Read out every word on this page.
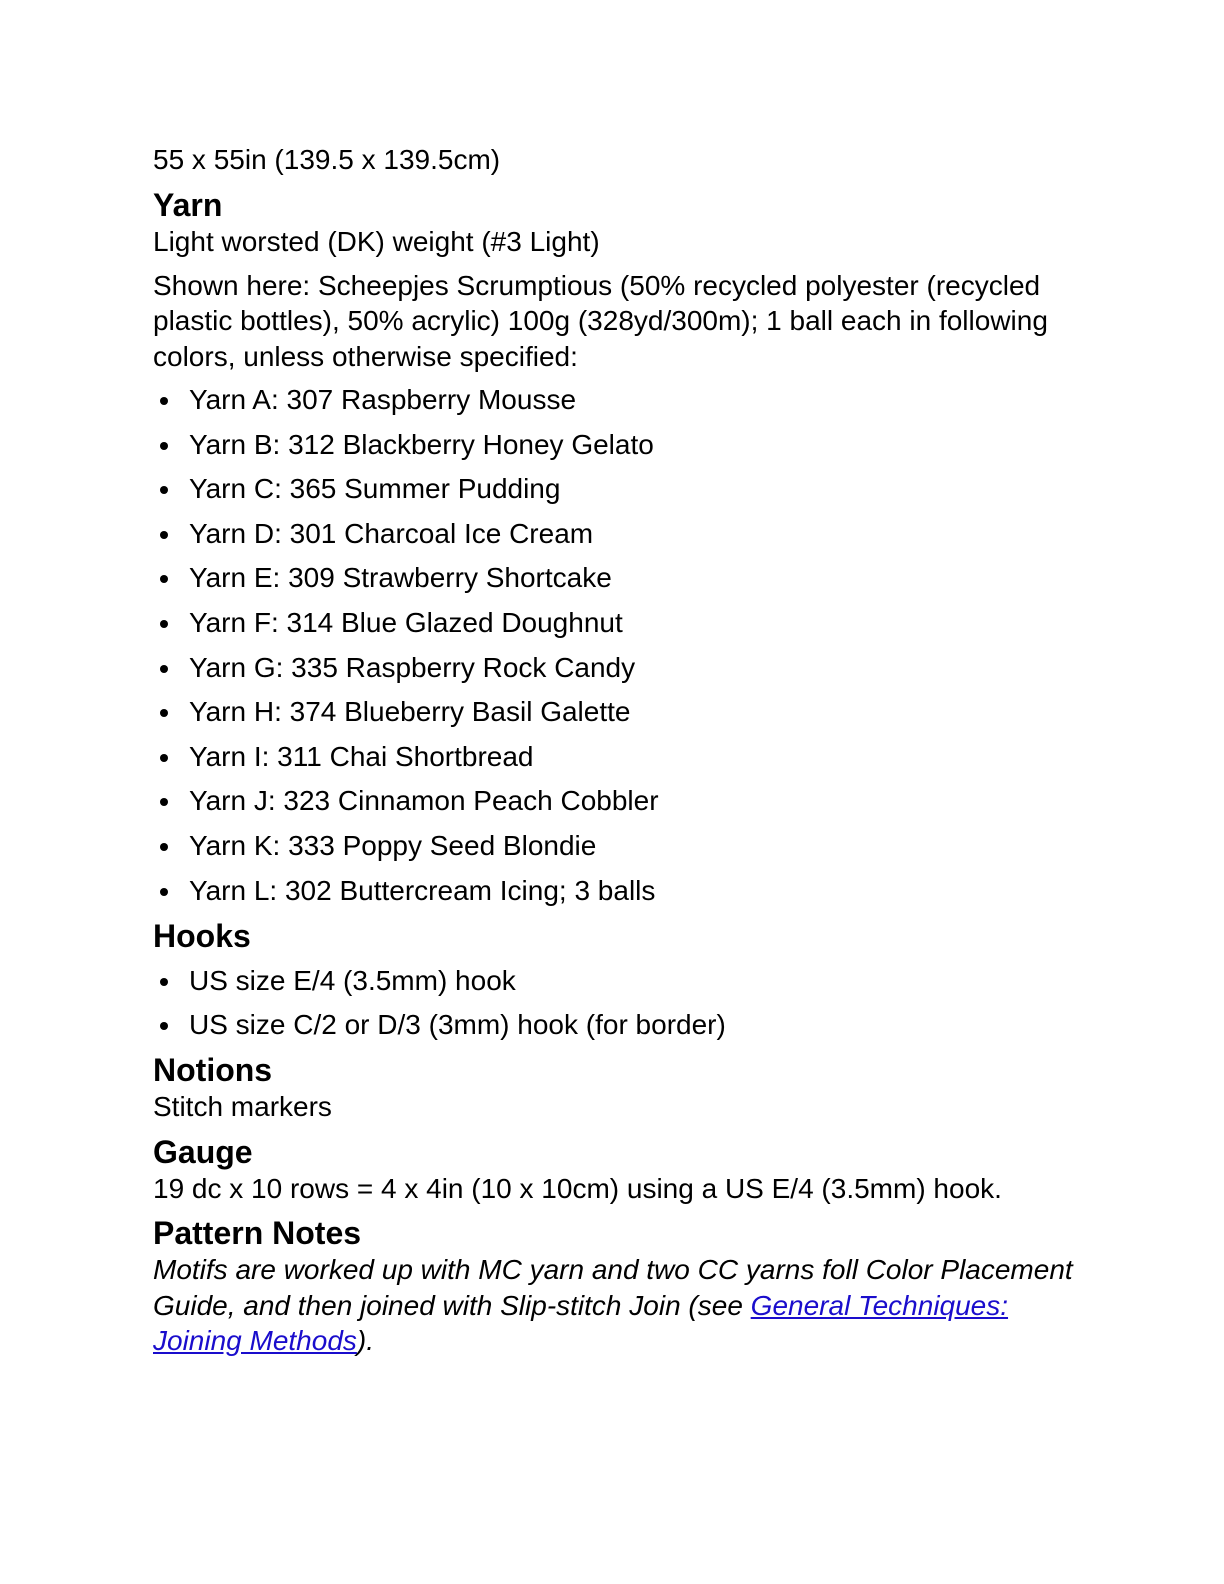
55 x 55in (139.5 x 139.5cm)

Yarn

Light worsted (DK) weight (#3 Light)

Shown here: Scheepjes Scrumptious (50% recycled polyester (recycled plastic bottles), 50% acrylic) 100g (328yd/300m); 1 ball each in following colors, unless otherwise specified:

Yarn A: 307 Raspberry Mousse
Yarn B: 312 Blackberry Honey Gelato
Yarn C: 365 Summer Pudding
Yarn D: 301 Charcoal Ice Cream
Yarn E: 309 Strawberry Shortcake
Yarn F: 314 Blue Glazed Doughnut
Yarn G: 335 Raspberry Rock Candy
Yarn H: 374 Blueberry Basil Galette
Yarn I: 311 Chai Shortbread
Yarn J: 323 Cinnamon Peach Cobbler
Yarn K: 333 Poppy Seed Blondie
Yarn L: 302 Buttercream Icing; 3 balls
Hooks
US size E/4 (3.5mm) hook
US size C/2 or D/3 (3mm) hook (for border)
Notions

Stitch markers

Gauge

19 dc x 10 rows = 4 x 4in (10 x 10cm) using a US E/4 (3.5mm) hook.

Pattern Notes

Motifs are worked up with MC yarn and two CC yarns foll Color Placement Guide, and then joined with Slip-stitch Join (see General Techniques: Joining Methods).
